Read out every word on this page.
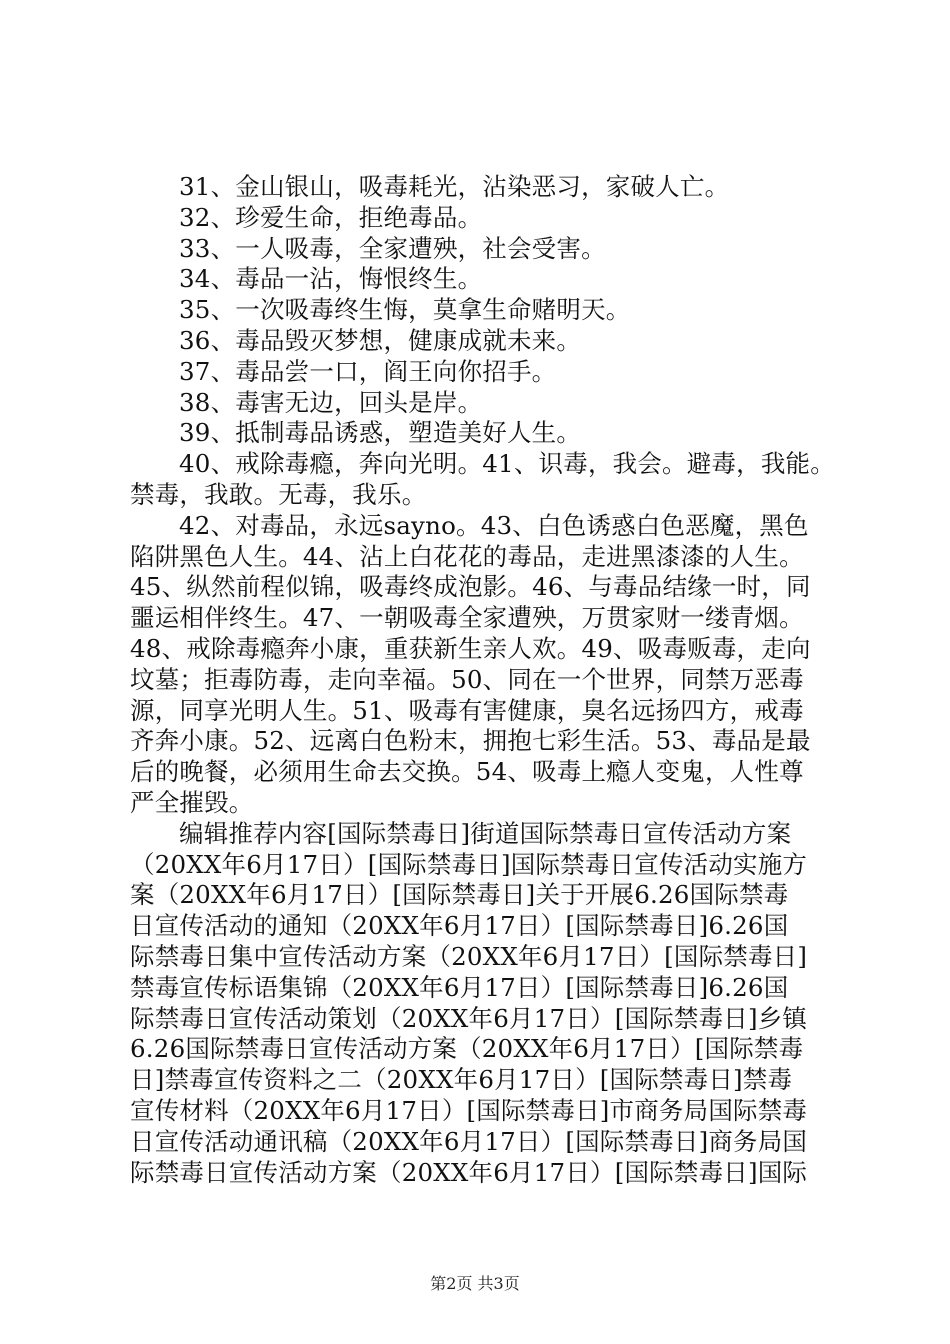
31、金山银山，吸毒耗光，沾染恶习，家破人亡。
32、珍爱生命，拒绝毒品。
33、一人吸毒，全家遭殃，社会受害。
34、毒品一沾，悔恨终生。
35、一次吸毒终生悔，莫拿生命赌明天。
36、毒品毁灭梦想，健康成就未来。
37、毒品尝一口，阎王向你招手。
38、毒害无边，回头是岸。
39、抵制毒品诱惑，塑造美好人生。
40、戒除毒瘾，奔向光明。41、识毒，我会。避毒，我能。
禁毒，我敢。无毒，我乐。
42、对毒品，永远sayno。43、白色诱惑白色恶魔，黑色
陷阱黑色人生。44、沾上白花花的毒品，走进黑漆漆的人生。
45、纵然前程似锦，吸毒终成泡影。46、与毒品结缘一时，同
噩运相伴终生。47、一朝吸毒全家遭殃，万贯家财一缕青烟。
48、戒除毒瘾奔小康，重获新生亲人欢。49、吸毒贩毒，走向
坟墓；拒毒防毒，走向幸福。50、同在一个世界，同禁万恶毒
源，同享光明人生。51、吸毒有害健康，臭名远扬四方，戒毒
齐奔小康。52、远离白色粉末，拥抱七彩生活。53、毒品是最
后的晚餐，必须用生命去交换。54、吸毒上瘾人变鬼，人性尊
严全摧毁。
编辑推荐内容[国际禁毒日]街道国际禁毒日宣传活动方案
（20XX年6月17日）[国际禁毒日]国际禁毒日宣传活动实施方
案（20XX年6月17日）[国际禁毒日]关于开展6.26国际禁毒
日宣传活动的通知（20XX年6月17日）[国际禁毒日]6.26国
际禁毒日集中宣传活动方案（20XX年6月17日）[国际禁毒日]
禁毒宣传标语集锦（20XX年6月17日）[国际禁毒日]6.26国
际禁毒日宣传活动策划（20XX年6月17日）[国际禁毒日]乡镇
6.26国际禁毒日宣传活动方案（20XX年6月17日）[国际禁毒
日]禁毒宣传资料之二（20XX年6月17日）[国际禁毒日]禁毒
宣传材料（20XX年6月17日）[国际禁毒日]市商务局国际禁毒
日宣传活动通讯稿（20XX年6月17日）[国际禁毒日]商务局国
际禁毒日宣传活动方案（20XX年6月17日）[国际禁毒日]国际
第2页 共3页
